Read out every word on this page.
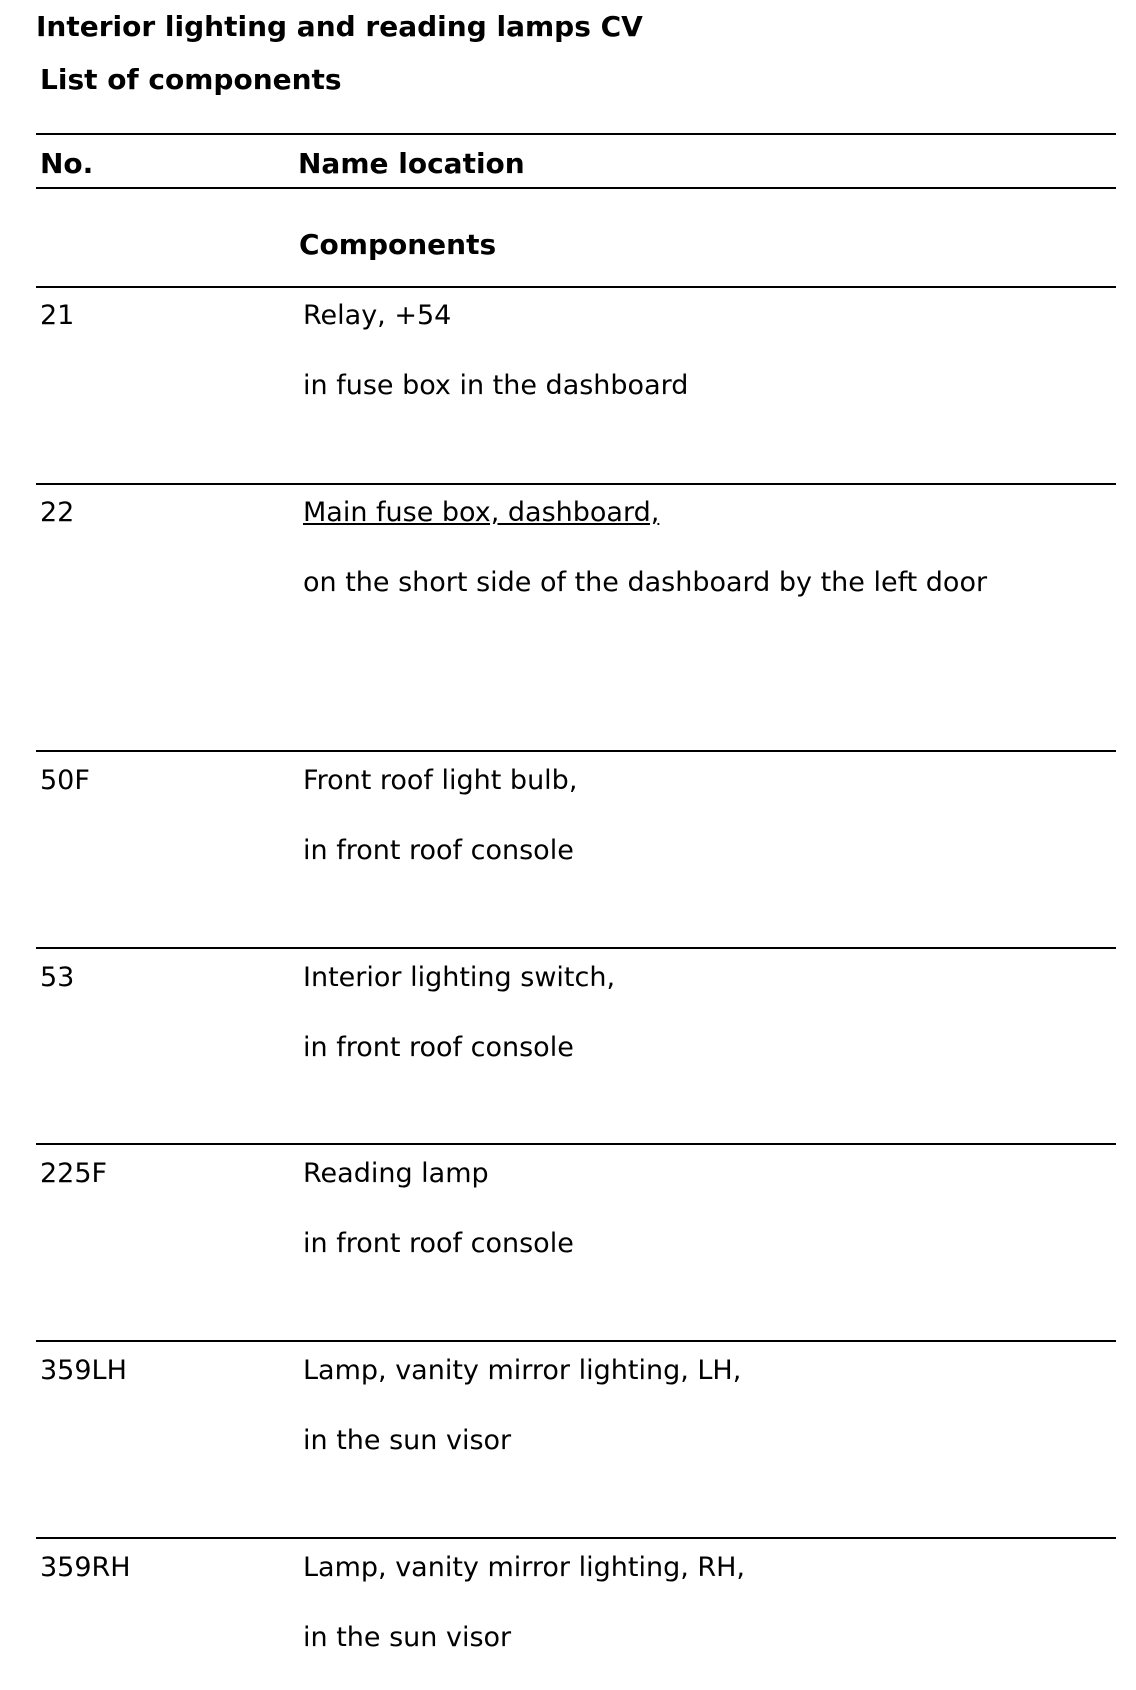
Interior lighting and reading lamps CV
List of components
No.	Name location
Components
21	Relay, +54
in fuse box in the dashboard
22	Main fuse box, dashboard,
on the short side of the dashboard by the left door
50F	Front roof light bulb,
in front roof console
53	Interior lighting switch,
in front roof console
225F	Reading lamp
in front roof console
359LH	Lamp, vanity mirror lighting, LH,
in the sun visor
359RH	Lamp, vanity mirror lighting, RH,
in the sun visor
